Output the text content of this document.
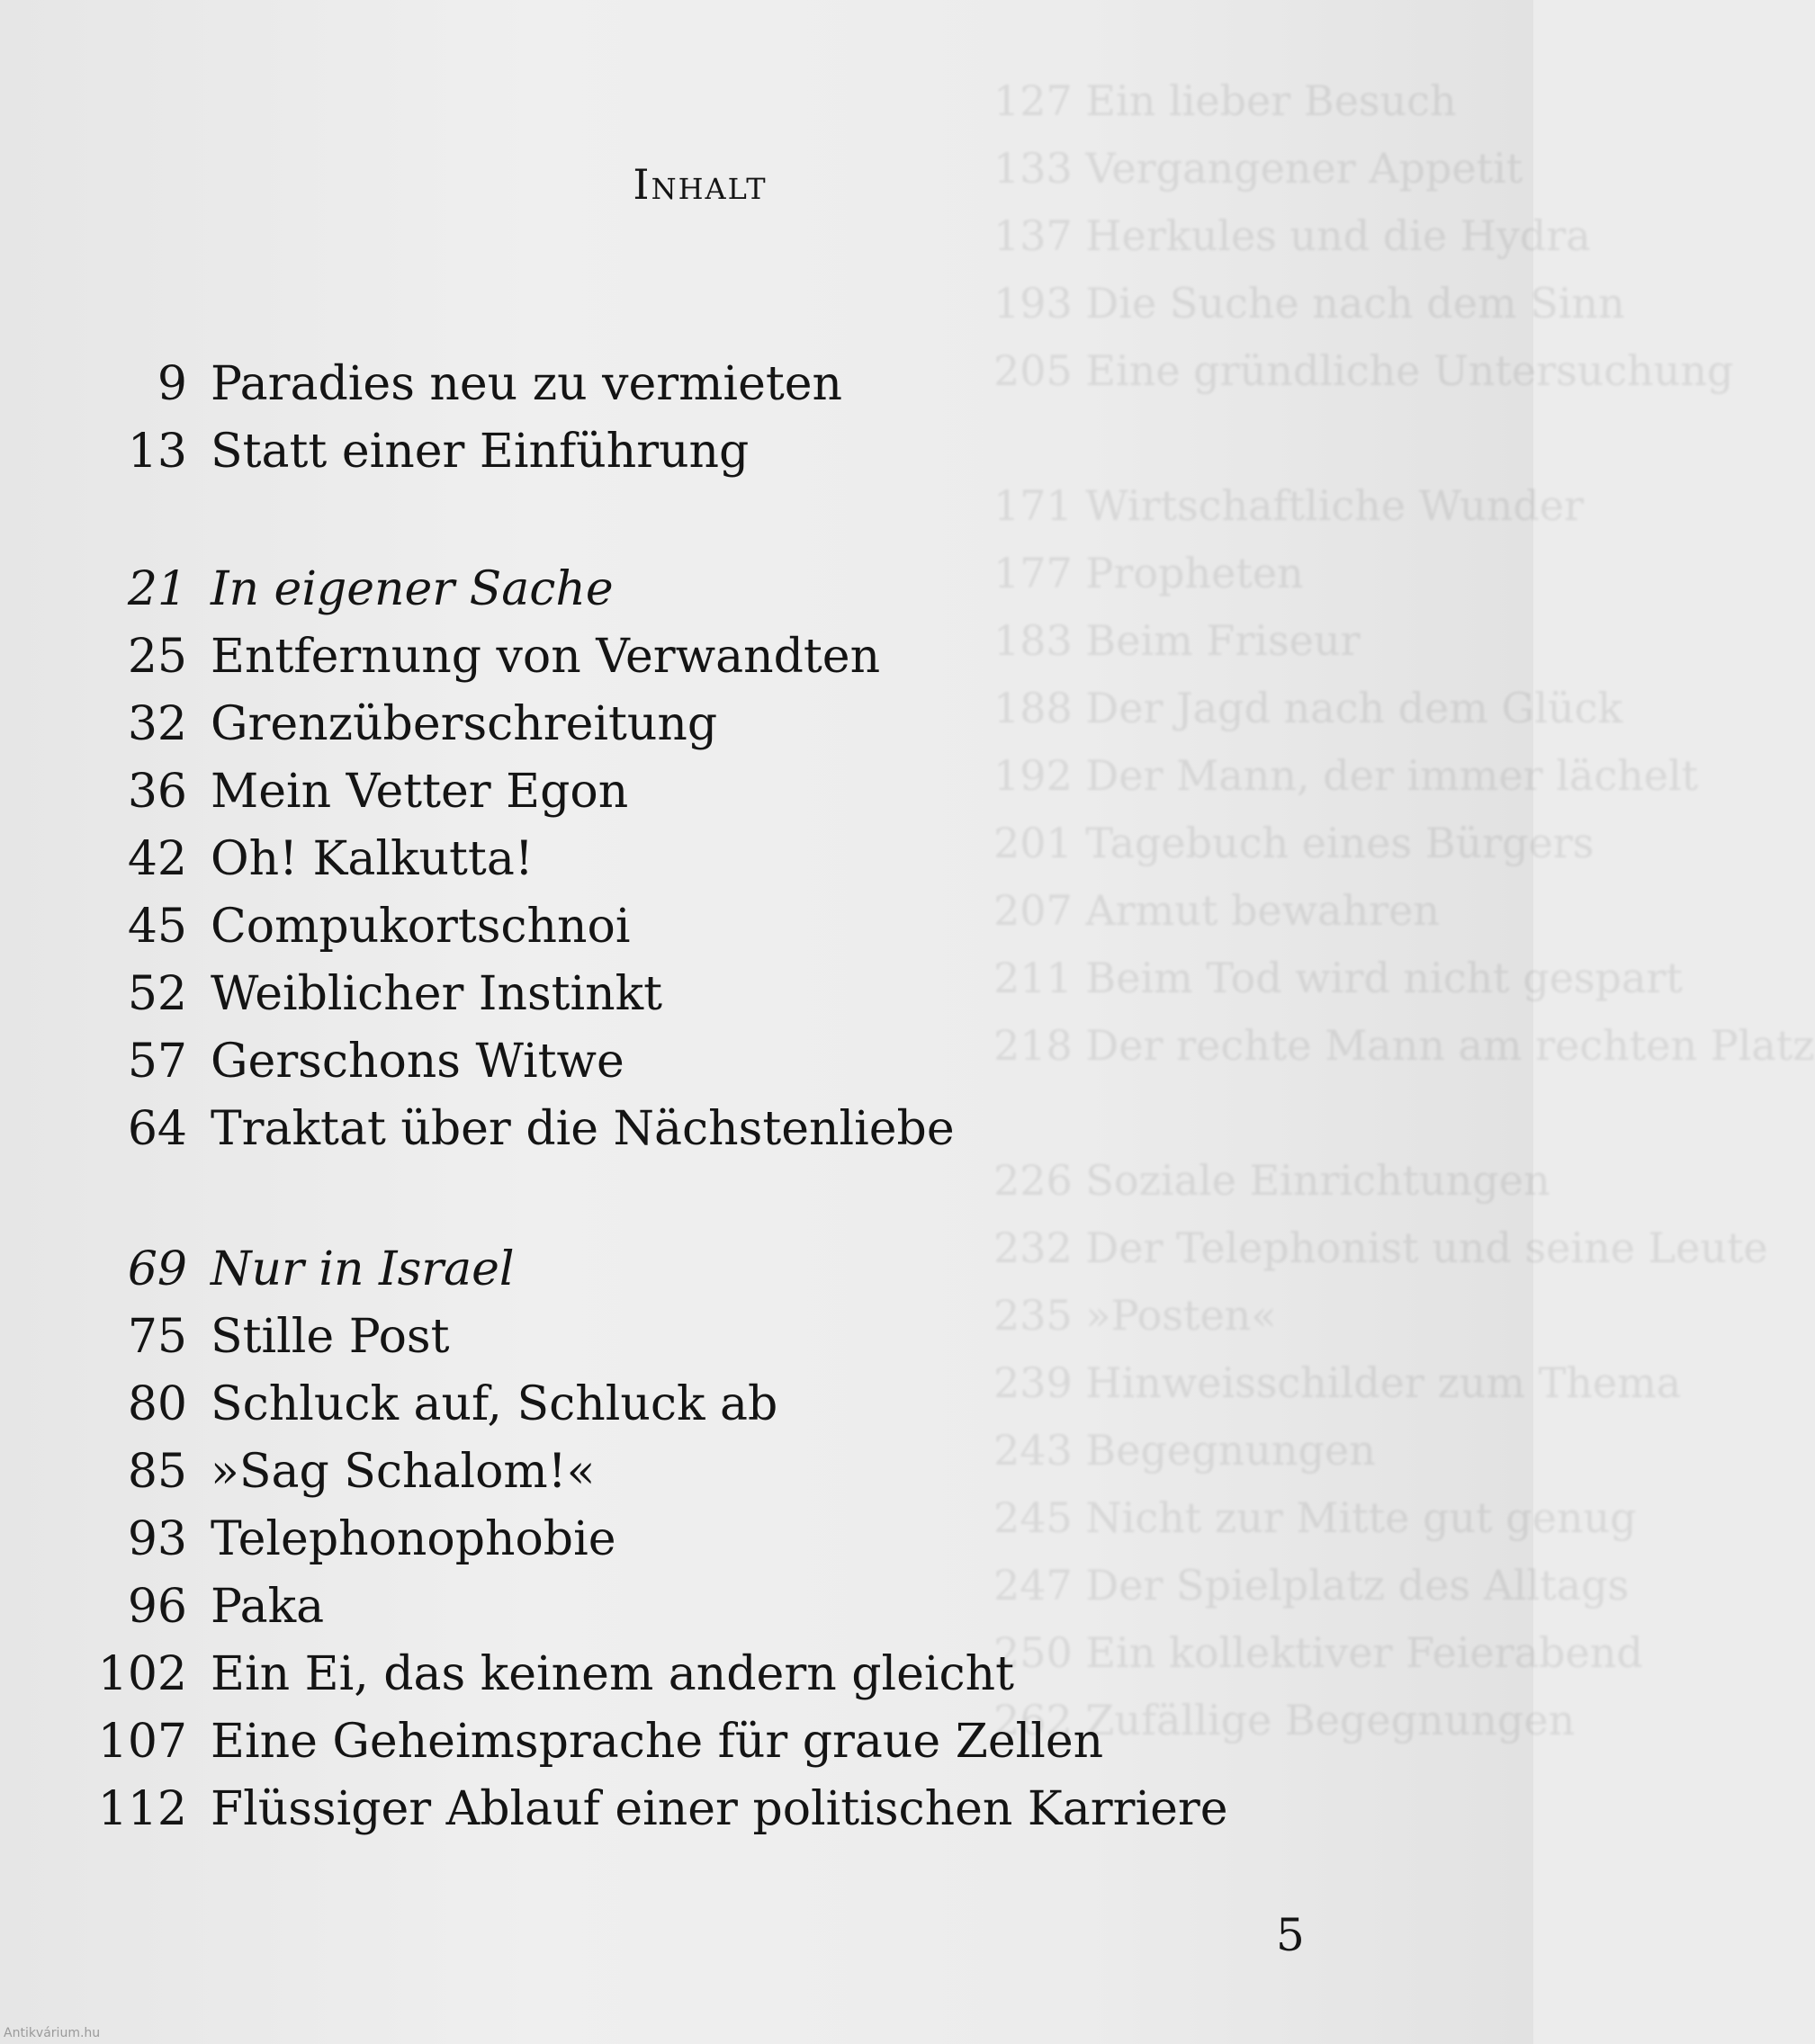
127 Ein lieber Besuch
133 Vergangener Appetit
137 Herkules und die Hydra
193 Die Suche nach dem Sinn
205 Eine gründliche Untersuchung

171 Wirtschaftliche Wunder
177 Propheten
183 Beim Friseur
188 Der Jagd nach dem Glück
192 Der Mann, der immer lächelt
201 Tagebuch eines Bürgers
207 Armut bewahren
211 Beim Tod wird nicht gespart
218 Der rechte Mann am rechten Platz

226 Soziale Einrichtungen
232 Der Telephonist und seine Leute
235 »Posten«
239 Hinweisschilder zum Thema
243 Begegnungen
245 Nicht zur Mitte gut genug
247 Der Spielplatz des Alltags
250 Ein kollektiver Feierabend
262 Zufällige Begegnungen
Inhalt
9 Paradies neu zu vermieten
13 Statt einer Einführung
21 In eigener Sache
25 Entfernung von Verwandten
32 Grenzüberschreitung
36 Mein Vetter Egon
42 Oh! Kalkutta!
45 Compukortschnoi
52 Weiblicher Instinkt
57 Gerschons Witwe
64 Traktat über die Nächstenliebe
69 Nur in Israel
75 Stille Post
80 Schluck auf, Schluck ab
85 »Sag Schalom!«
93 Telephonophobie
96 Paka
102 Ein Ei, das keinem andern gleicht
107 Eine Geheimsprache für graue Zellen
112 Flüssiger Ablauf einer politischen Karriere
5
Antikvárium.hu
